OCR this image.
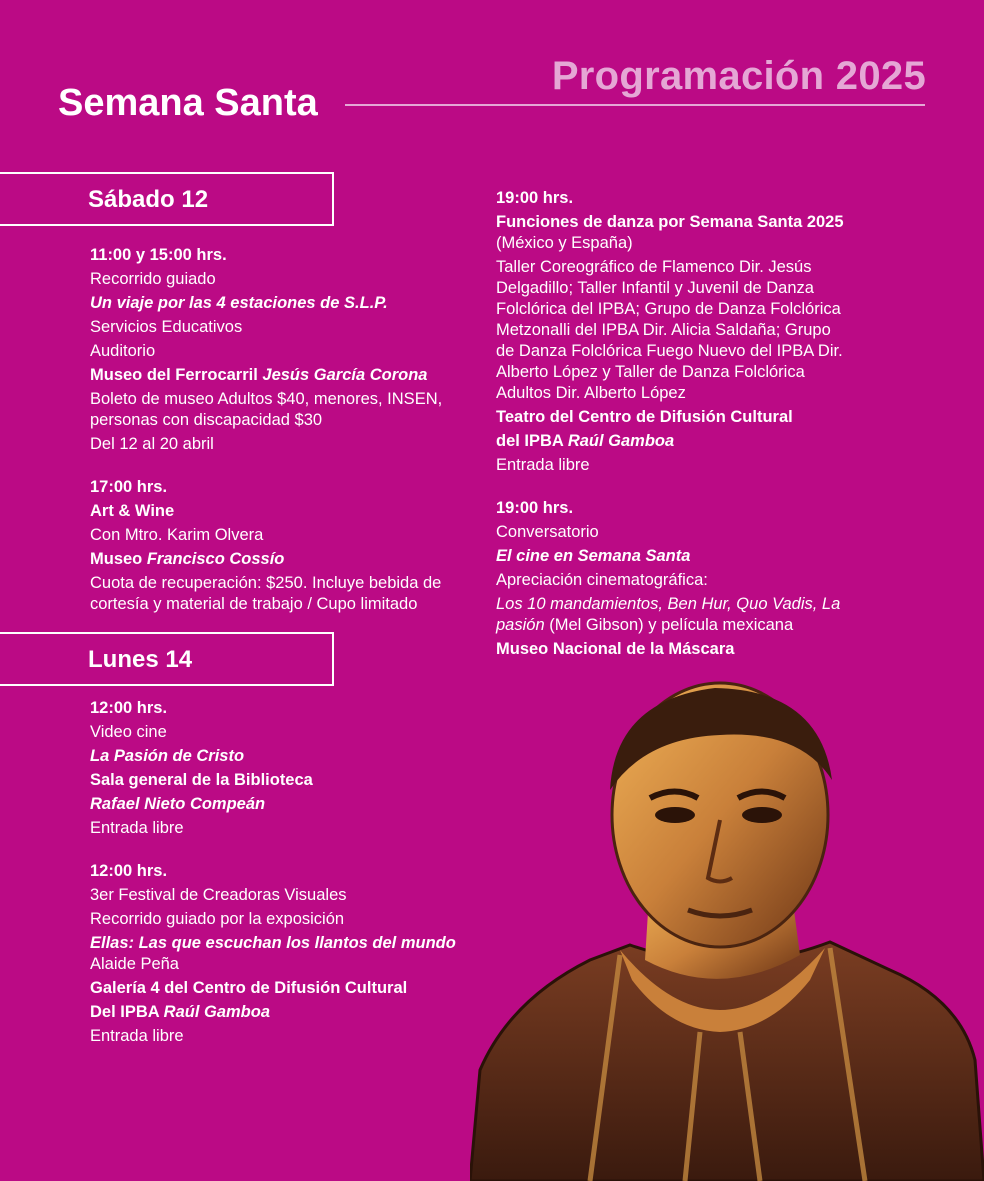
Programación 2025
Semana Santa
Sábado 12
Lunes 14

11:00 y 15:00 hrs.

Recorrido guiado

Un viaje por las 4 estaciones de S.L.P.

Servicios Educativos

Auditorio

Museo del Ferrocarril Jesús García Corona

Boleto de museo Adultos $40, menores, INSEN,

personas con discapacidad $30

Del 12 al 20 abril

17:00 hrs.

Art & Wine

Con Mtro. Karim Olvera

Museo Francisco Cossío

Cuota de recuperación: $250. Incluye bebida de

cortesía y material de trabajo / Cupo limitado

12:00 hrs.

Video cine

La Pasión de Cristo

Sala general de la Biblioteca

Rafael Nieto Compeán

Entrada libre

12:00 hrs.

3er Festival de Creadoras Visuales

Recorrido guiado por la exposición

Ellas: Las que escuchan los llantos del mundo

Alaide Peña

Galería 4 del Centro de Difusión Cultural

Del IPBA Raúl Gamboa

Entrada libre

19:00 hrs.

Funciones de danza por Semana Santa 2025

(México y España)

Taller Coreográfico de Flamenco Dir. Jesús

Delgadillo; Taller Infantil y Juvenil de Danza

Folclórica del IPBA; Grupo de Danza Folclórica

Metzonalli del IPBA Dir. Alicia Saldaña; Grupo

de Danza Folclórica Fuego Nuevo del IPBA Dir.

Alberto López y Taller de Danza Folclórica

Adultos Dir. Alberto López

Teatro del Centro de Difusión Cultural

del IPBA Raúl Gamboa

Entrada libre

19:00 hrs.

Conversatorio

El cine en Semana Santa

Apreciación cinematográfica:

Los 10 mandamientos, Ben Hur, Quo Vadis, La

pasión (Mel Gibson) y película mexicana

Museo Nacional de la Máscara
